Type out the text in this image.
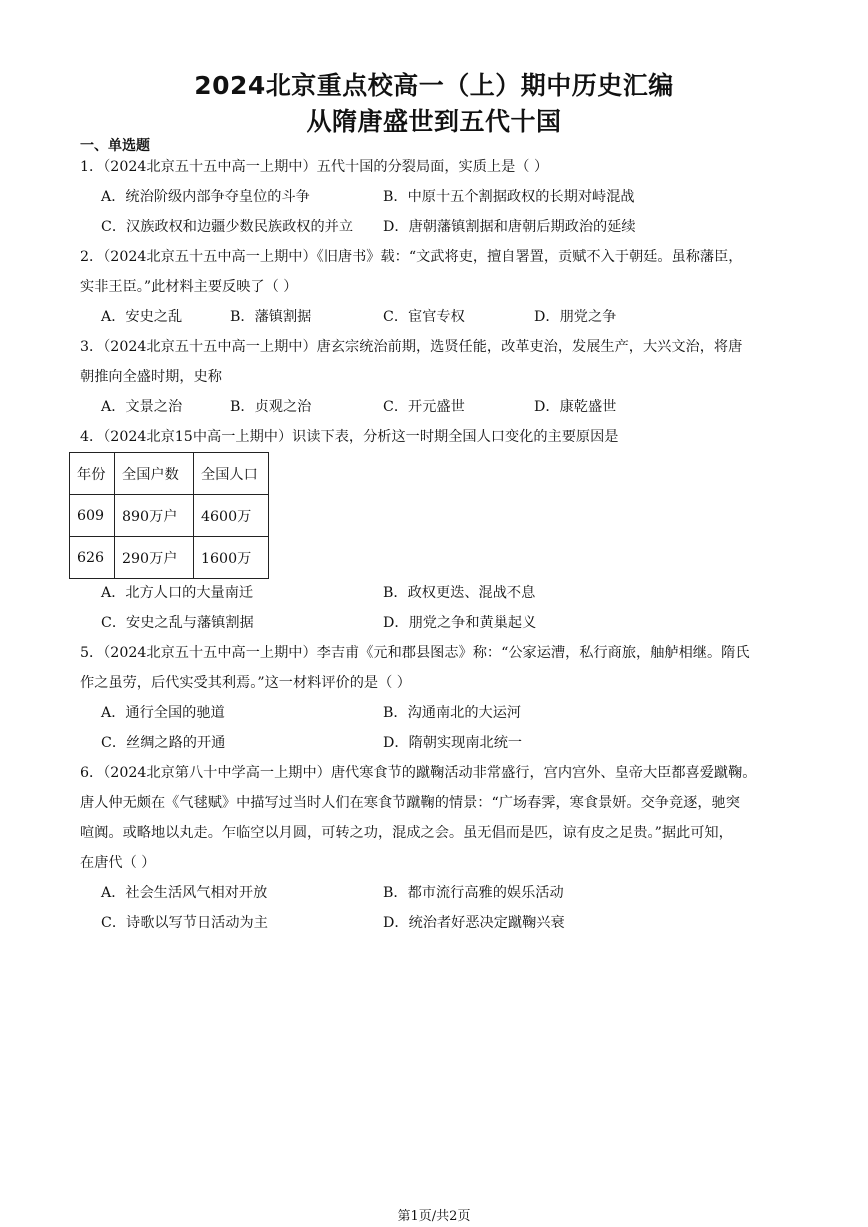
2024北京重点校高一（上）期中历史汇编
从隋唐盛世到五代十国
一、单选题
1．（2024北京五十五中高一上期中）五代十国的分裂局面，实质上是（ ）
A．统治阶级内部争夺皇位的斗争	B．中原十五个割据政权的长期对峙混战
C．汉族政权和边疆少数民族政权的并立 D．唐朝藩镇割据和唐朝后期政治的延续
2．（2024北京五十五中高一上期中）《旧唐书》载：“文武将吏，擅自署置，贡赋不入于朝廷。虽称藩臣，
实非王臣。”此材料主要反映了（ ）
A．安史之乱	B．藩镇割据	C．宦官专权	D．朋党之争
3．（2024北京五十五中高一上期中）唐玄宗统治前期，选贤任能，改革吏治，发展生产，大兴文治，将唐
朝推向全盛时期，史称
A．文景之治	B．贞观之治	C．开元盛世	D．康乾盛世
4．（2024北京15中高一上期中）识读下表，分析这一时期全国人口变化的主要原因是
年份	全国户数	全国人口
609	890万户	4600万
626	290万户	1600万
A．北方人口的大量南迁	B．政权更迭、混战不息
C．安史之乱与藩镇割据	D．朋党之争和黄巢起义
5．（2024北京五十五中高一上期中）李吉甫《元和郡县图志》称：“公家运漕，私行商旅，舳舻相继。隋氏
作之虽劳，后代实受其利焉。”这一材料评价的是（ ）
A．通行全国的驰道	B．沟通南北的大运河
C．丝绸之路的开通	D．隋朝实现南北统一
6．（2024北京第八十中学高一上期中）唐代寒食节的蹴鞠活动非常盛行，宫内宫外、皇帝大臣都喜爱蹴鞠。
唐人仲无颇在《气毬赋》中描写过当时人们在寒食节蹴鞠的情景：“广场春霁，寒食景妍。交争竞逐，驰突
喧阗。或略地以丸走。乍临空以月圆，可转之功，混成之会。虽无倡而是匹，谅有皮之足贵。”据此可知，
在唐代（ ）
A．社会生活风气相对开放	B．都市流行高雅的娱乐活动
C．诗歌以写节日活动为主	D．统治者好恶决定蹴鞠兴衰
第1页/共2页
